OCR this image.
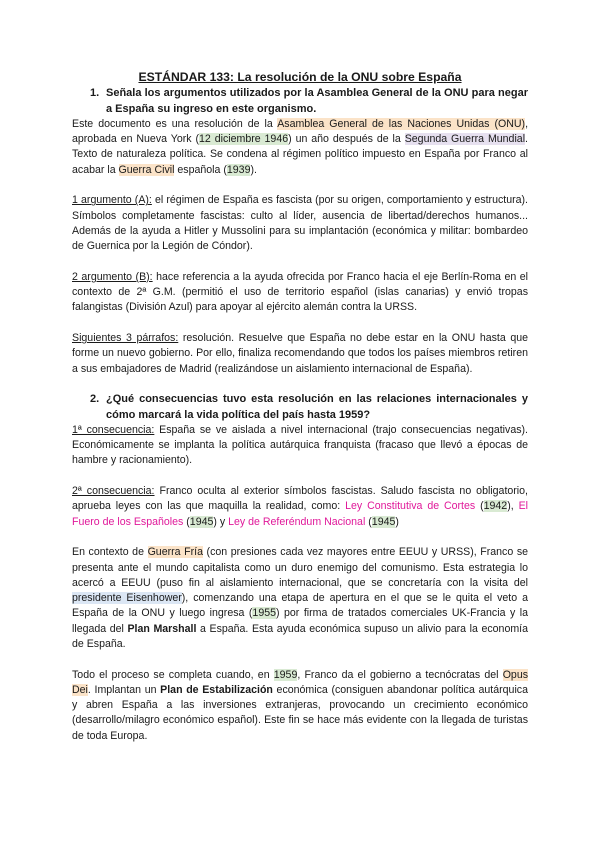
ESTÁNDAR 133: La resolución de la ONU sobre España
1. Señala los argumentos utilizados por la Asamblea General de la ONU para negar a España su ingreso en este organismo.

Este documento es una resolución de la Asamblea General de las Naciones Unidas (ONU), aprobada en Nueva York (12 diciembre 1946) un año después de la Segunda Guerra Mundial. Texto de naturaleza política. Se condena al régimen político impuesto en España por Franco al acabar la Guerra Civil española (1939).

1 argumento (A): el régimen de España es fascista (por su origen, comportamiento y estructura). Símbolos completamente fascistas: culto al líder, ausencia de libertad/derechos humanos... Además de la ayuda a Hitler y Mussolini para su implantación (económica y militar: bombardeo de Guernica por la Legión de Cóndor).

2 argumento (B): hace referencia a la ayuda ofrecida por Franco hacia el eje Berlín-Roma en el contexto de 2ª G.M. (permitió el uso de territorio español (islas canarias) y envió tropas falangistas (División Azul) para apoyar al ejército alemán contra la URSS.

Siguientes 3 párrafos: resolución. Resuelve que España no debe estar en la ONU hasta que forme un nuevo gobierno. Por ello, finaliza recomendando que todos los países miembros retiren a sus embajadores de Madrid (realizándose un aislamiento internacional de España).

2. ¿Qué consecuencias tuvo esta resolución en las relaciones internacionales y cómo marcará la vida política del país hasta 1959?

1ª consecuencia: España se ve aislada a nivel internacional (trajo consecuencias negativas). Económicamente se implanta la política autárquica franquista (fracaso que llevó a épocas de hambre y racionamiento).

2ª consecuencia: Franco oculta al exterior símbolos fascistas. Saludo fascista no obligatorio, aprueba leyes con las que maquilla la realidad, como: Ley Constitutiva de Cortes (1942), El Fuero de los Españoles (1945) y Ley de Referéndum Nacional (1945)

En contexto de Guerra Fría (con presiones cada vez mayores entre EEUU y URSS), Franco se presenta ante el mundo capitalista como un duro enemigo del comunismo. Esta estrategia lo acercó a EEUU (puso fin al aislamiento internacional, que se concretaría con la visita del presidente Eisenhower), comenzando una etapa de apertura en el que se le quita el veto a España de la ONU y luego ingresa (1955) por firma de tratados comerciales UK-Francia y la llegada del Plan Marshall a España. Esta ayuda económica supuso un alivio para la economía de España.

Todo el proceso se completa cuando, en 1959, Franco da el gobierno a tecnócratas del Opus Dei. Implantan un Plan de Estabilización económica (consiguen abandonar política autárquica y abren España a las inversiones extranjeras, provocando un crecimiento económico (desarrollo/milagro económico español). Este fin se hace más evidente con la llegada de turistas de toda Europa.
